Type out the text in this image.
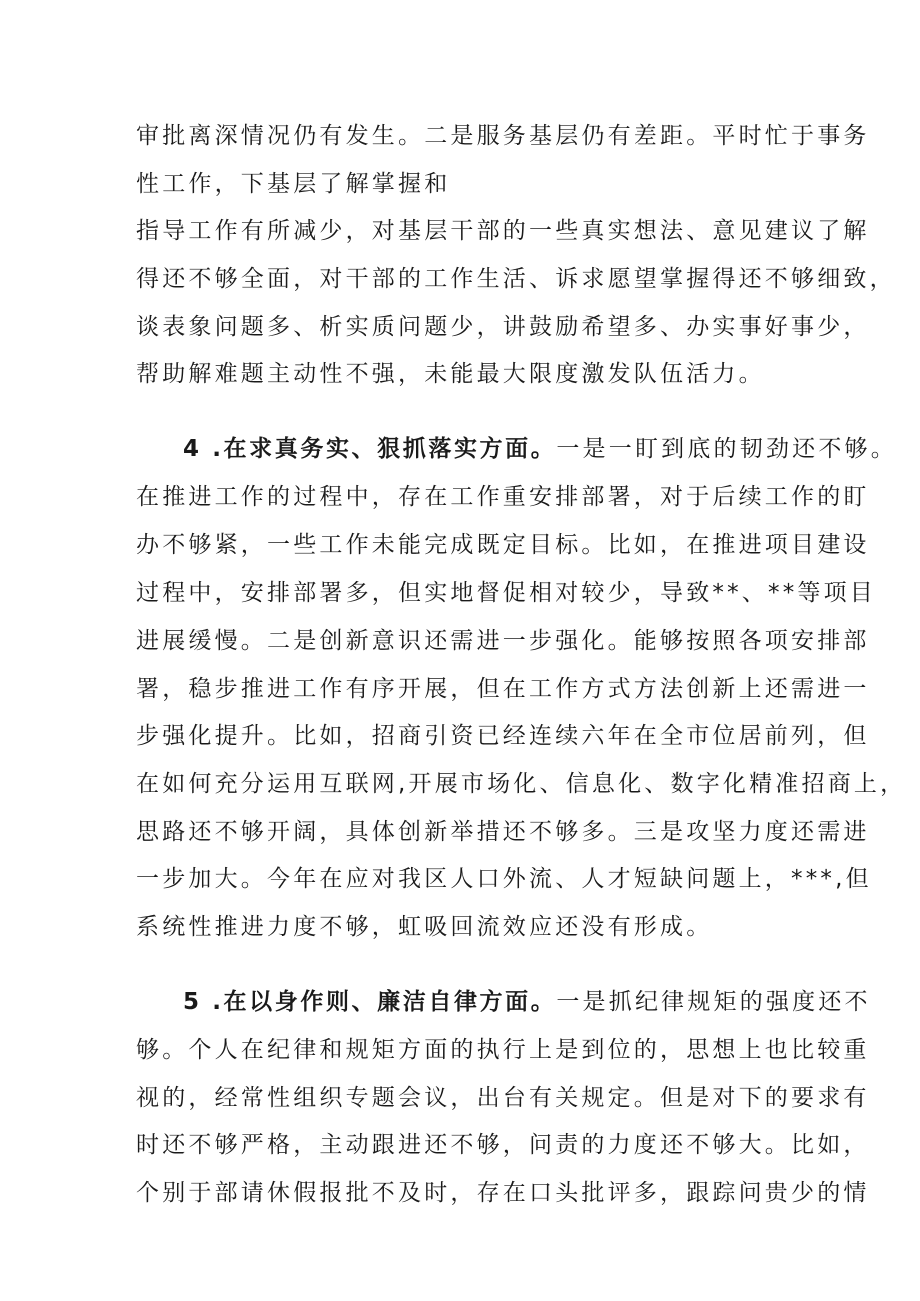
审批离深情况仍有发生。二是服务基层仍有差距。平时忙于事务
性工作，下基层了解掌握和
指导工作有所减少，对基层干部的一些真实想法、意见建议了解
得还不够全面，对干部的工作生活、诉求愿望掌握得还不够细致，
谈表象问题多、析实质问题少，讲鼓励希望多、办实事好事少，
帮助解难题主动性不强，未能最大限度激发队伍活力。
4 .在求真务实、狠抓落实方面。一是一盯到底的韧劲还不够。
在推进工作的过程中，存在工作重安排部署，对于后续工作的盯
办不够紧，一些工作未能完成既定目标。比如，在推进项目建设
过程中，安排部署多，但实地督促相对较少，导致**、**等项目
进展缓慢。二是创新意识还需进一步强化。能够按照各项安排部
署，稳步推进工作有序开展，但在工作方式方法创新上还需进一
步强化提升。比如，招商引资已经连续六年在全市位居前列，但
在如何充分运用互联网,开展市场化、信息化、数字化精准招商上，
思路还不够开阔，具体创新举措还不够多。三是攻坚力度还需进
一步加大。今年在应对我区人口外流、人才短缺问题上，***,但
系统性推进力度不够，虹吸回流效应还没有形成。
5 .在以身作则、廉洁自律方面。一是抓纪律规矩的强度还不
够。个人在纪律和规矩方面的执行上是到位的，思想上也比较重
视的，经常性组织专题会议，出台有关规定。但是对下的要求有
时还不够严格，主动跟进还不够，问责的力度还不够大。比如，
个别于部请休假报批不及时，存在口头批评多，跟踪问贵少的情
